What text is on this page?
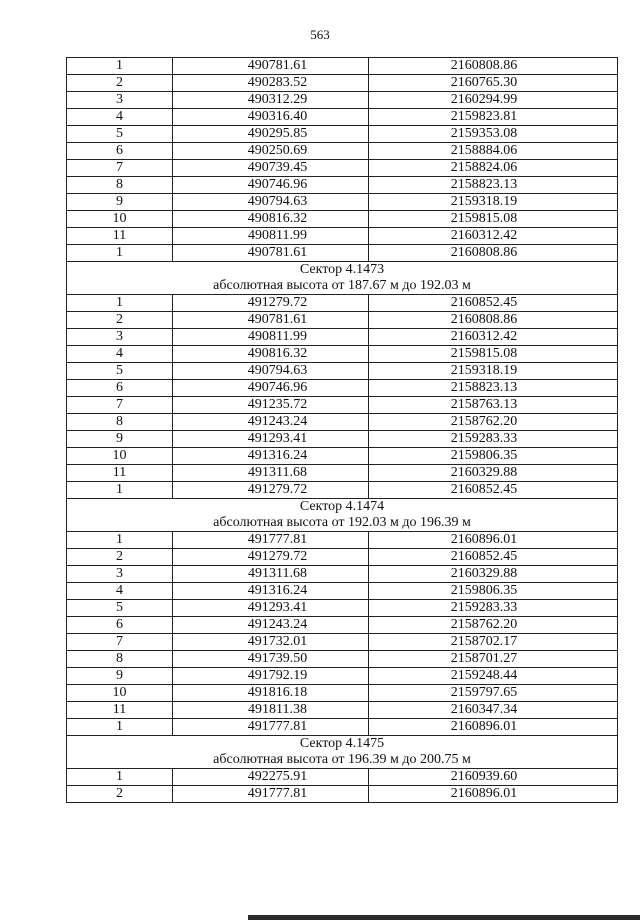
563
1	490781.61	2160808.86
2	490283.52	2160765.30
3	490312.29	2160294.99
4	490316.40	2159823.81
5	490295.85	2159353.08
6	490250.69	2158884.06
7	490739.45	2158824.06
8	490746.96	2158823.13
9	490794.63	2159318.19
10	490816.32	2159815.08
11	490811.99	2160312.42
1	490781.61	2160808.86
Сектор 4.1473		
абсолютная высота от 187.67 м до 192.03 м		
1	491279.72	2160852.45
2	490781.61	2160808.86
3	490811.99	2160312.42
4	490816.32	2159815.08
5	490794.63	2159318.19
6	490746.96	2158823.13
7	491235.72	2158763.13
8	491243.24	2158762.20
9	491293.41	2159283.33
10	491316.24	2159806.35
11	491311.68	2160329.88
1	491279.72	2160852.45
Сектор 4.1474		
абсолютная высота от 192.03 м до 196.39 м		
1	491777.81	2160896.01
2	491279.72	2160852.45
3	491311.68	2160329.88
4	491316.24	2159806.35
5	491293.41	2159283.33
6	491243.24	2158762.20
7	491732.01	2158702.17
8	491739.50	2158701.27
9	491792.19	2159248.44
10	491816.18	2159797.65
11	491811.38	2160347.34
1	491777.81	2160896.01
Сектор 4.1475		
абсолютная высота от 196.39 м до 200.75 м		
1	492275.91	2160939.60
2	491777.81	2160896.01
